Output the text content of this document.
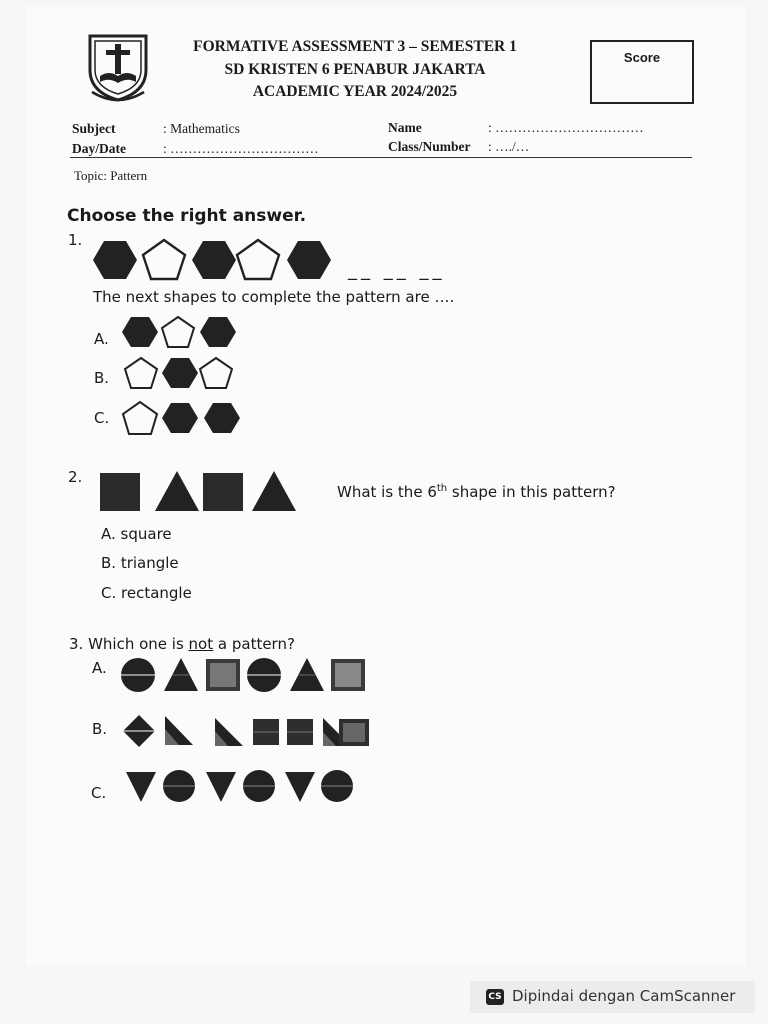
FORMATIVE ASSESSMENT 3 – SEMESTER 1
SD KRISTEN 6 PENABUR JAKARTA
ACADEMIC YEAR 2024/2025
Score
Subject	: Mathematics
Day/Date	: ……………………………
Name	: ……………………………
Class/Number : …./…
Topic: Pattern
Choose the right answer.
1.
__ __ __
The next shapes to complete the pattern are ….
A.
B.
C.
2.
What is the 6th shape in this pattern?
A. square
B. triangle
C. rectangle
3. Which one is not a pattern?
A.
B.
C.
CS Dipindai dengan CamScanner
